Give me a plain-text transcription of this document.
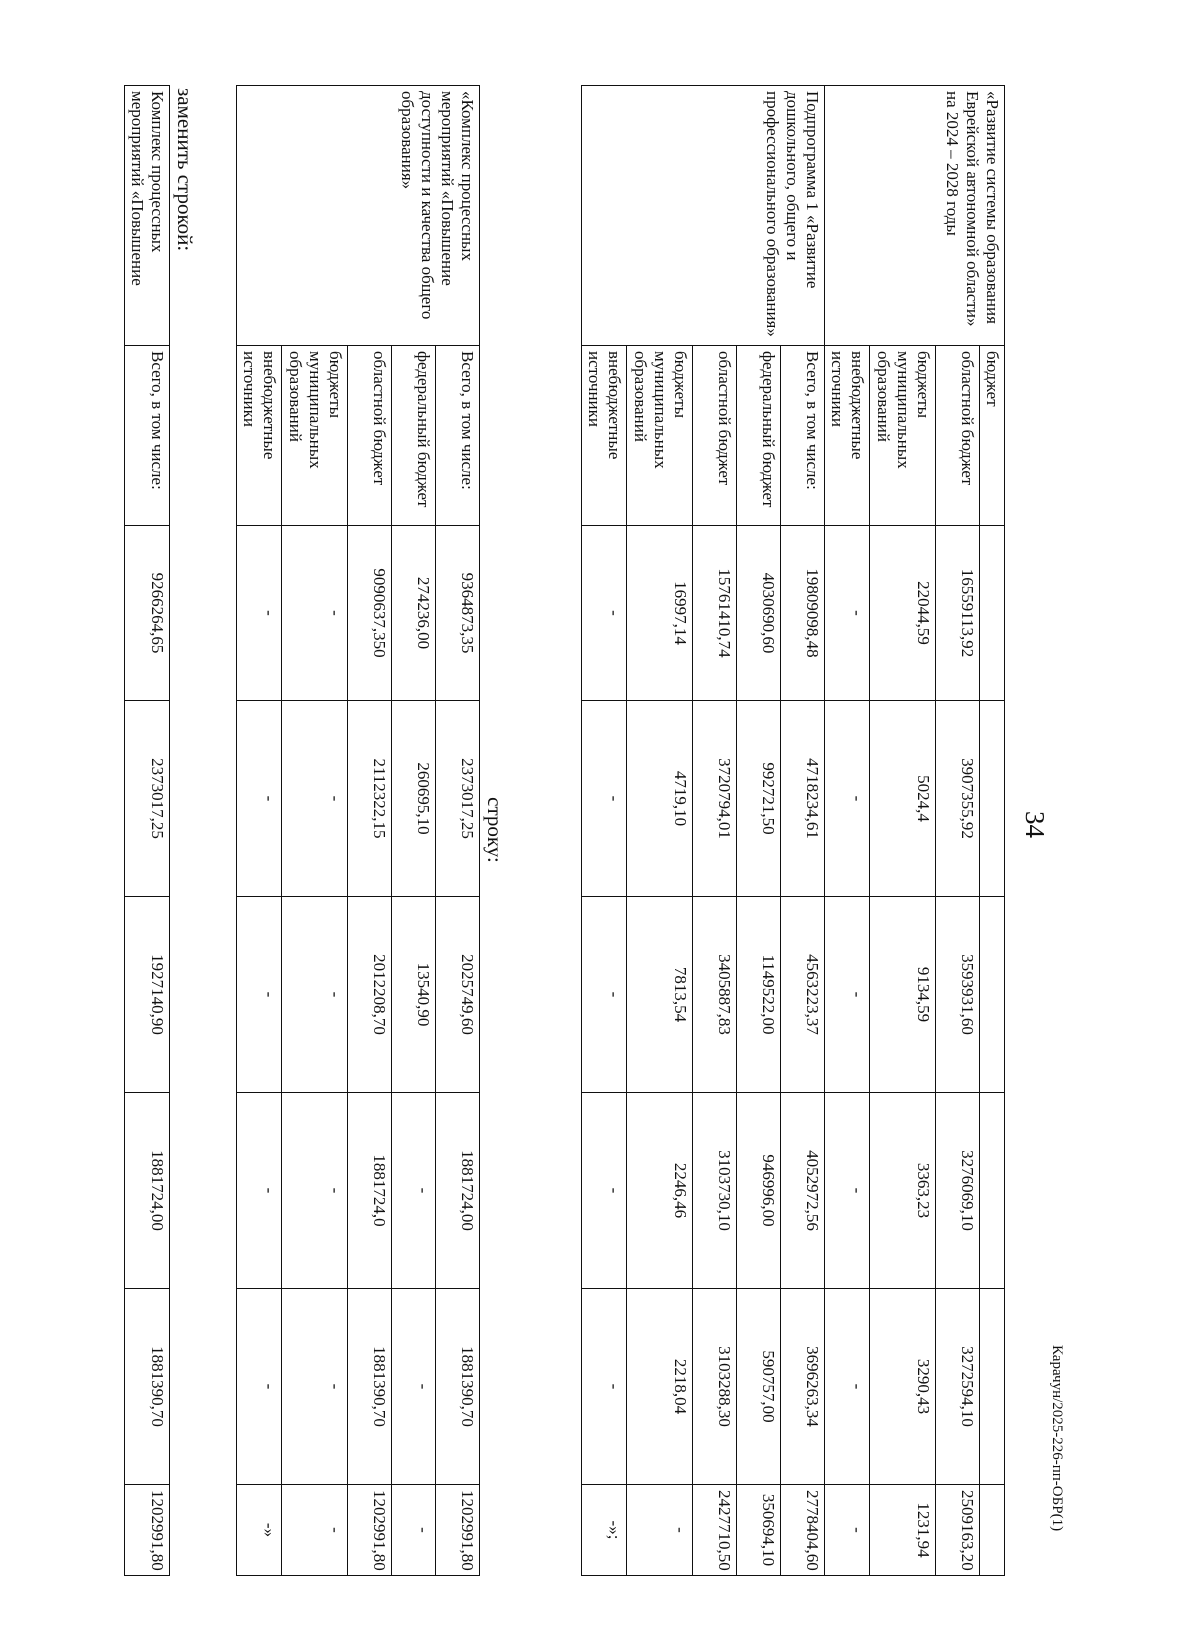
34
Карачун/2025-226-пп-ОБР(1)
«Развитие системы образования Еврейской автономной области» на 2024 – 2028 годы	бюджет						
	областной бюджет	16559113,92	3907355,92	3593931,60	3276069,10	3272594,10	2509163,20
	бюджеты муниципальных образований	22044,59	5024,4	9134,59	3363,23	3290,43	1231,94
	внебюджетные источники	-	-	-	-	-	-
Подпрограмма 1 «Развитие дошкольного, общего и профессионального образования»	Всего, в том числе:	19809098,48	4718234,61	4563223,37	4052972,56	3696263,34	2778404,60
	федеральный бюджет	4030690,60	992721,50	1149522,00	946996,00	590757,00	350694,10
	областной бюджет	15761410,74	3720794,01	3405887,83	3103730,10	3103288,30	2427710,50
	бюджеты муниципальных образований	16997,14	4719,10	7813,54	2246,46	2218,04	-
	внебюджетные источники	-	-	-	-	-	-»;
строку:
«Комплекс процессных мероприятий «Повышение доступности и качества общего образования»	Всего, в том числе:	9364873,35	2373017,25	2025749,60	1881724,00	1881390,70	1202991,80
	федеральный бюджет	274236,00	260695,10	13540,90	-	-	-
	областной бюджет	9090637,350	2112322,15	2012208,70	1881724,0	1881390,70	1202991,80
	бюджеты муниципальных образований	-	-	-	-	-	-
	внебюджетные источники	-	-	-	-	-	-»
заменить строкой:
Комплекс процессных мероприятий «Повышение	Всего, в том числе:	9266264,65	2373017,25	1927140,90	1881724,00	1881390,70	1202991,80
